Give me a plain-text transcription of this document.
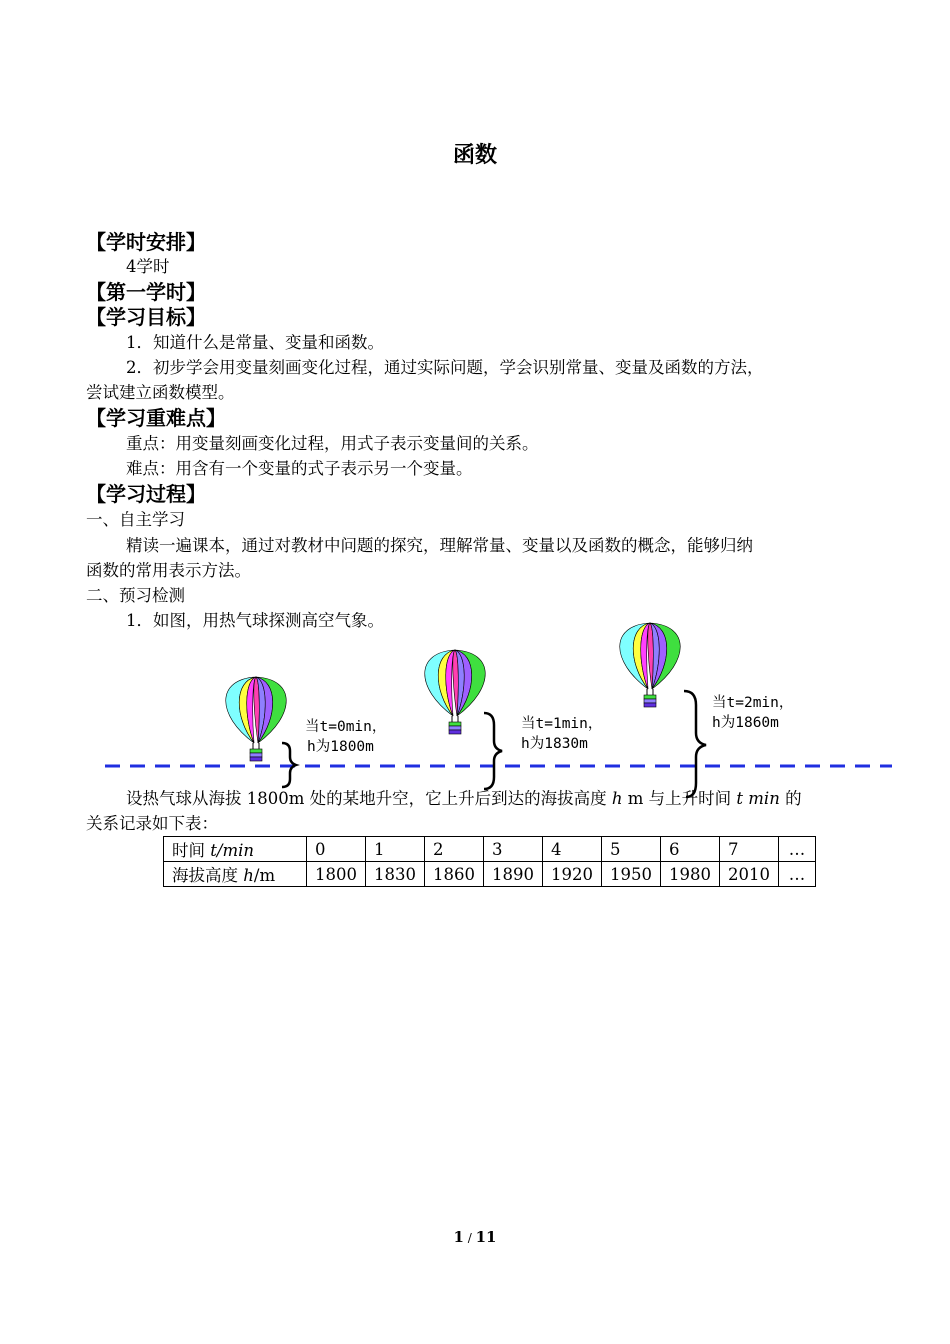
函数
【学时安排】
4学时
【第一学时】
【学习目标】
1．知道什么是常量、变量和函数。
2．初步学会用变量刻画变化过程，通过实际问题，学会识别常量、变量及函数的方法，
尝试建立函数模型。
【学习重难点】
重点：用变量刻画变化过程，用式子表示变量间的关系。
难点：用含有一个变量的式子表示另一个变量。
【学习过程】
一、自主学习
精读一遍课本，通过对教材中问题的探究，理解常量、变量以及函数的概念，能够归纳
函数的常用表示方法。
二、预习检测
1．如图，用热气球探测高空气象。
当t=0min，
h为1800m
当t=1min，
h为1830m
当t=2min，
h为1860m
设热气球从海拔 1800m 处的某地升空，它上升后到达的海拔高度 h m 与上升时间 t min 的
关系记录如下表：
时间 t/min	0	1	2	3	4	5	6	7	…
海拔高度 h/m	1800	1830	1860	1890	1920	1950	1980	2010	…
1 / 11
